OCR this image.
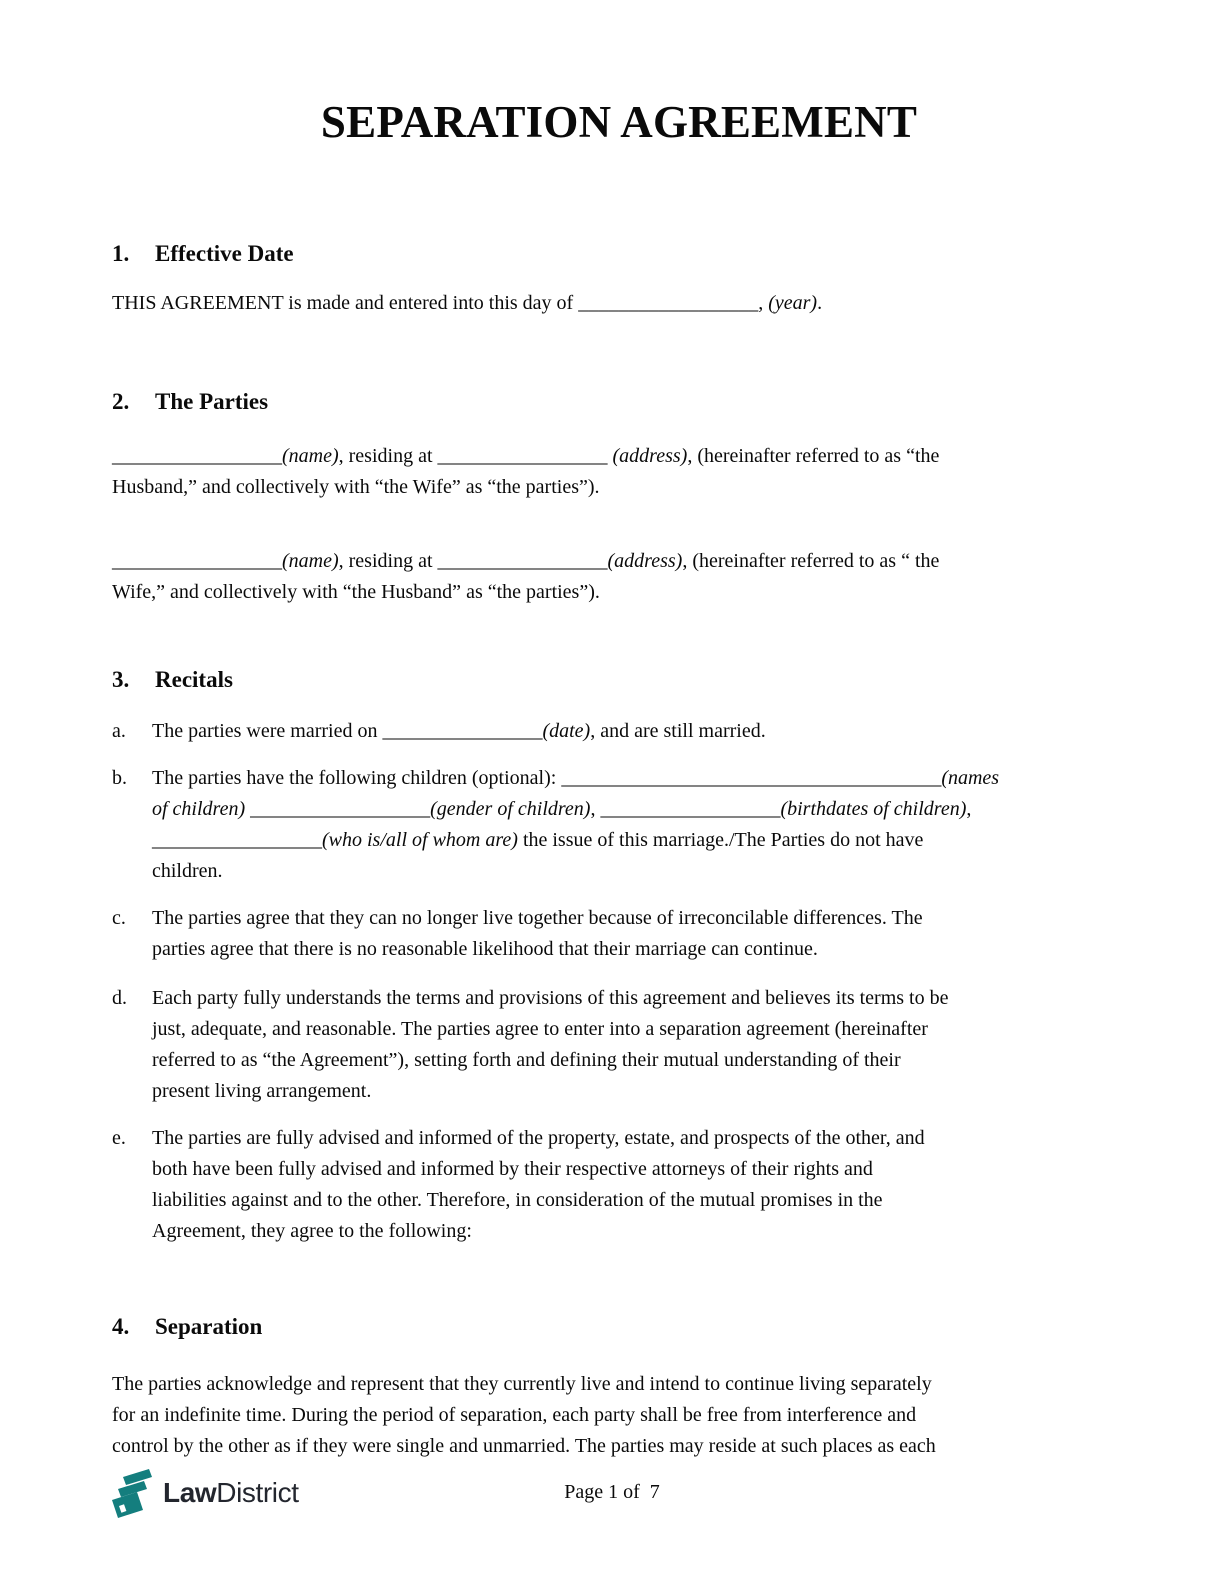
SEPARATION AGREEMENT
1.	Effective Date

THIS AGREEMENT is made and entered into this day of __________________, (year).

2.	The Parties

_________________(name), residing at _________________ (address), (hereinafter referred to as “the
Husband,” and collectively with “the Wife” as “the parties”).

_________________(name), residing at _________________(address), (hereinafter referred to as “ the
Wife,” and collectively with “the Husband” as “the parties”).

3.	Recitals
a.	The parties were married on ________________(date), and are still married.
b.	The parties have the following children (optional): ______________________________________(names
of children) __________________(gender of children), __________________(birthdates of children),
_________________(who is/all of whom are) the issue of this marriage./The Parties do not have
children.
c.	The parties agree that they can no longer live together because of irreconcilable differences. The
parties agree that there is no reasonable likelihood that their marriage can continue.
d.	Each party fully understands the terms and provisions of this agreement and believes its terms to be
just, adequate, and reasonable. The parties agree to enter into a separation agreement (hereinafter
referred to as “the Agreement”), setting forth and defining their mutual understanding of their
present living arrangement.
e.	The parties are fully advised and informed of the property, estate, and prospects of the other, and
both have been fully advised and informed by their respective attorneys of their rights and
liabilities against and to the other. Therefore, in consideration of the mutual promises in the
Agreement, they agree to the following:
4.	Separation

The parties acknowledge and represent that they currently live and intend to continue living separately
for an indefinite time. During the period of separation, each party shall be free from interference and
control by the other as if they were single and unmarried. The parties may reside at such places as each

LawDistrict	Page 1 of  7
